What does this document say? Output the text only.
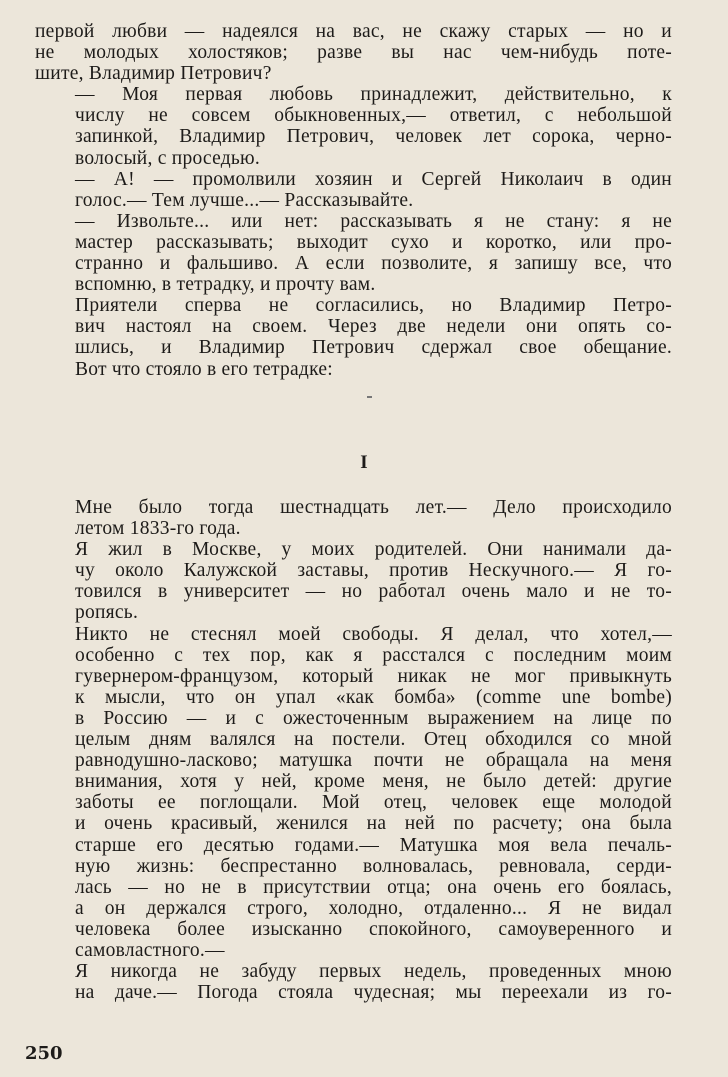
первой любви — надеялся на вас, не скажу старых — но и
не молодых холостяков; разве вы нас чем-нибудь поте-
шите, Владимир Петрович?

— Моя первая любовь принадлежит, действительно, к
числу не совсем обыкновенных,— ответил, с небольшой
запинкой, Владимир Петрович, человек лет сорока, черно-
волосый, с проседью.

— А! — промолвили хозяин и Сергей Николаич в один
голос.— Тем лучше...— Рассказывайте.

— Извольте... или нет: рассказывать я не стану: я не
мастер рассказывать; выходит сухо и коротко, или про-
странно и фальшиво. А если позволите, я запишу все, что
вспомню, в тетрадку, и прочту вам.

Приятели сперва не согласились, но Владимир Петро-
вич настоял на своем. Через две недели они опять со-
шлись, и Владимир Петрович сдержал свое обещание.

Вот что стояло в его тетрадке:

I

Мне было тогда шестнадцать лет.— Дело происходило
летом 1833-го года.

Я жил в Москве, у моих родителей. Они нанимали да-
чу около Калужской заставы, против Нескучного.— Я го-
товился в университет — но работал очень мало и не то-
ропясь.

Никто не стеснял моей свободы. Я делал, что хотел,—
особенно с тех пор, как я расстался с последним моим
гувернером-французом, который никак не мог привыкнуть
к мысли, что он упал «как бомба» (comme une bombe)
в Россию — и с ожесточенным выражением на лице по
целым дням валялся на постели. Отец обходился со мной
равнодушно-ласково; матушка почти не обращала на меня
внимания, хотя у ней, кроме меня, не было детей: другие
заботы ее поглощали. Мой отец, человек еще молодой
и очень красивый, женился на ней по расчету; она была
старше его десятью годами.— Матушка моя вела печаль-
ную жизнь: беспрестанно волновалась, ревновала, серди-
лась — но не в присутствии отца; она очень его боялась,
а он держался строго, холодно, отдаленно... Я не видал
человека более изысканно спокойного, самоуверенного и
самовластного.—

Я никогда не забуду первых недель, проведенных мною
на даче.— Погода стояла чудесная; мы переехали из го-

250
